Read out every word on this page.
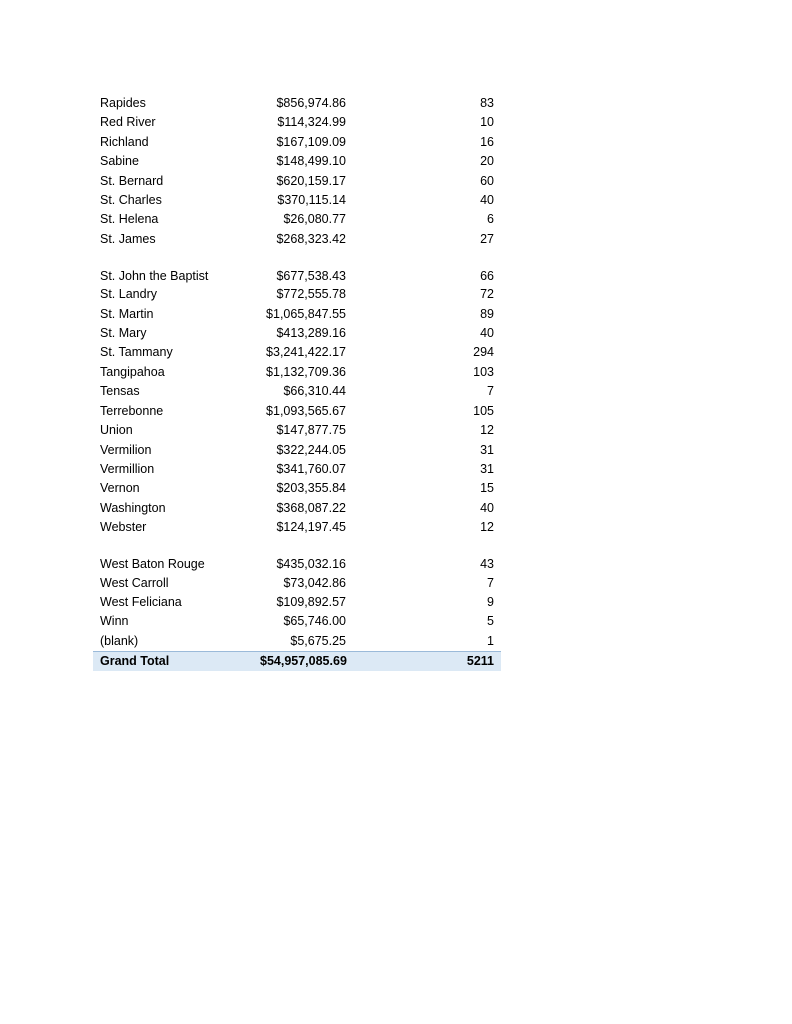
Rapides	$856,974.86	83
Red River	$114,324.99	10
Richland	$167,109.09	16
Sabine	$148,499.10	20
St. Bernard	$620,159.17	60
St. Charles	$370,115.14	40
St. Helena	$26,080.77	6
St. James	$268,323.42	27
St. John the Baptist	$677,538.43	66
St. Landry	$772,555.78	72
St. Martin	$1,065,847.55	89
St. Mary	$413,289.16	40
St. Tammany	$3,241,422.17	294
Tangipahoa	$1,132,709.36	103
Tensas	$66,310.44	7
Terrebonne	$1,093,565.67	105
Union	$147,877.75	12
Vermilion	$322,244.05	31
Vermillion	$341,760.07	31
Vernon	$203,355.84	15
Washington	$368,087.22	40
Webster	$124,197.45	12
West Baton Rouge	$435,032.16	43
West Carroll	$73,042.86	7
West Feliciana	$109,892.57	9
Winn	$65,746.00	5
(blank)	$5,675.25	1
Grand Total	$54,957,085.69	5211
